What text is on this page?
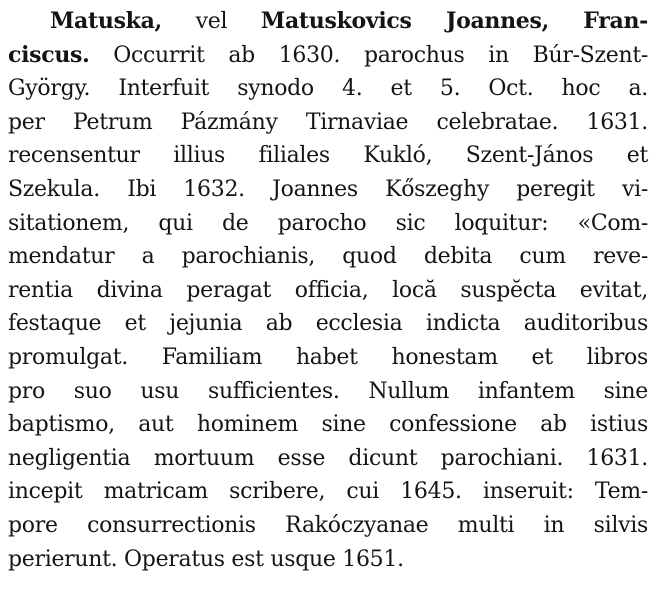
Matuska, vel Matuskovics Joannes, Fran-
ciscus. Occurrit ab 1630. parochus in Búr-Szent-
György. Interfuit synodo 4. et 5. Oct. hoc a.
per Petrum Pázmány Tirnaviae celebratae. 1631.
recensentur illius filiales Kukló, Szent-János et
Szekula. Ibi 1632. Joannes Kőszeghy peregit vi-
sitationem, qui de parocho sic loquitur: «Com-
mendatur a parochianis, quod debita cum reve-
rentia divina peragat officia, locă suspĕcta evitat,
festaque et jejunia ab ecclesia indicta auditoribus
promulgat. Familiam habet honestam et libros
pro suo usu sufficientes. Nullum infantem sine
baptismo, aut hominem sine confessione ab istius
negligentia mortuum esse dicunt parochiani. 1631.
incepit matricam scribere, cui 1645. inseruit: Tem-
pore consurrectionis Rakóczyanae multi in silvis
perierunt. Operatus est usque 1651.
